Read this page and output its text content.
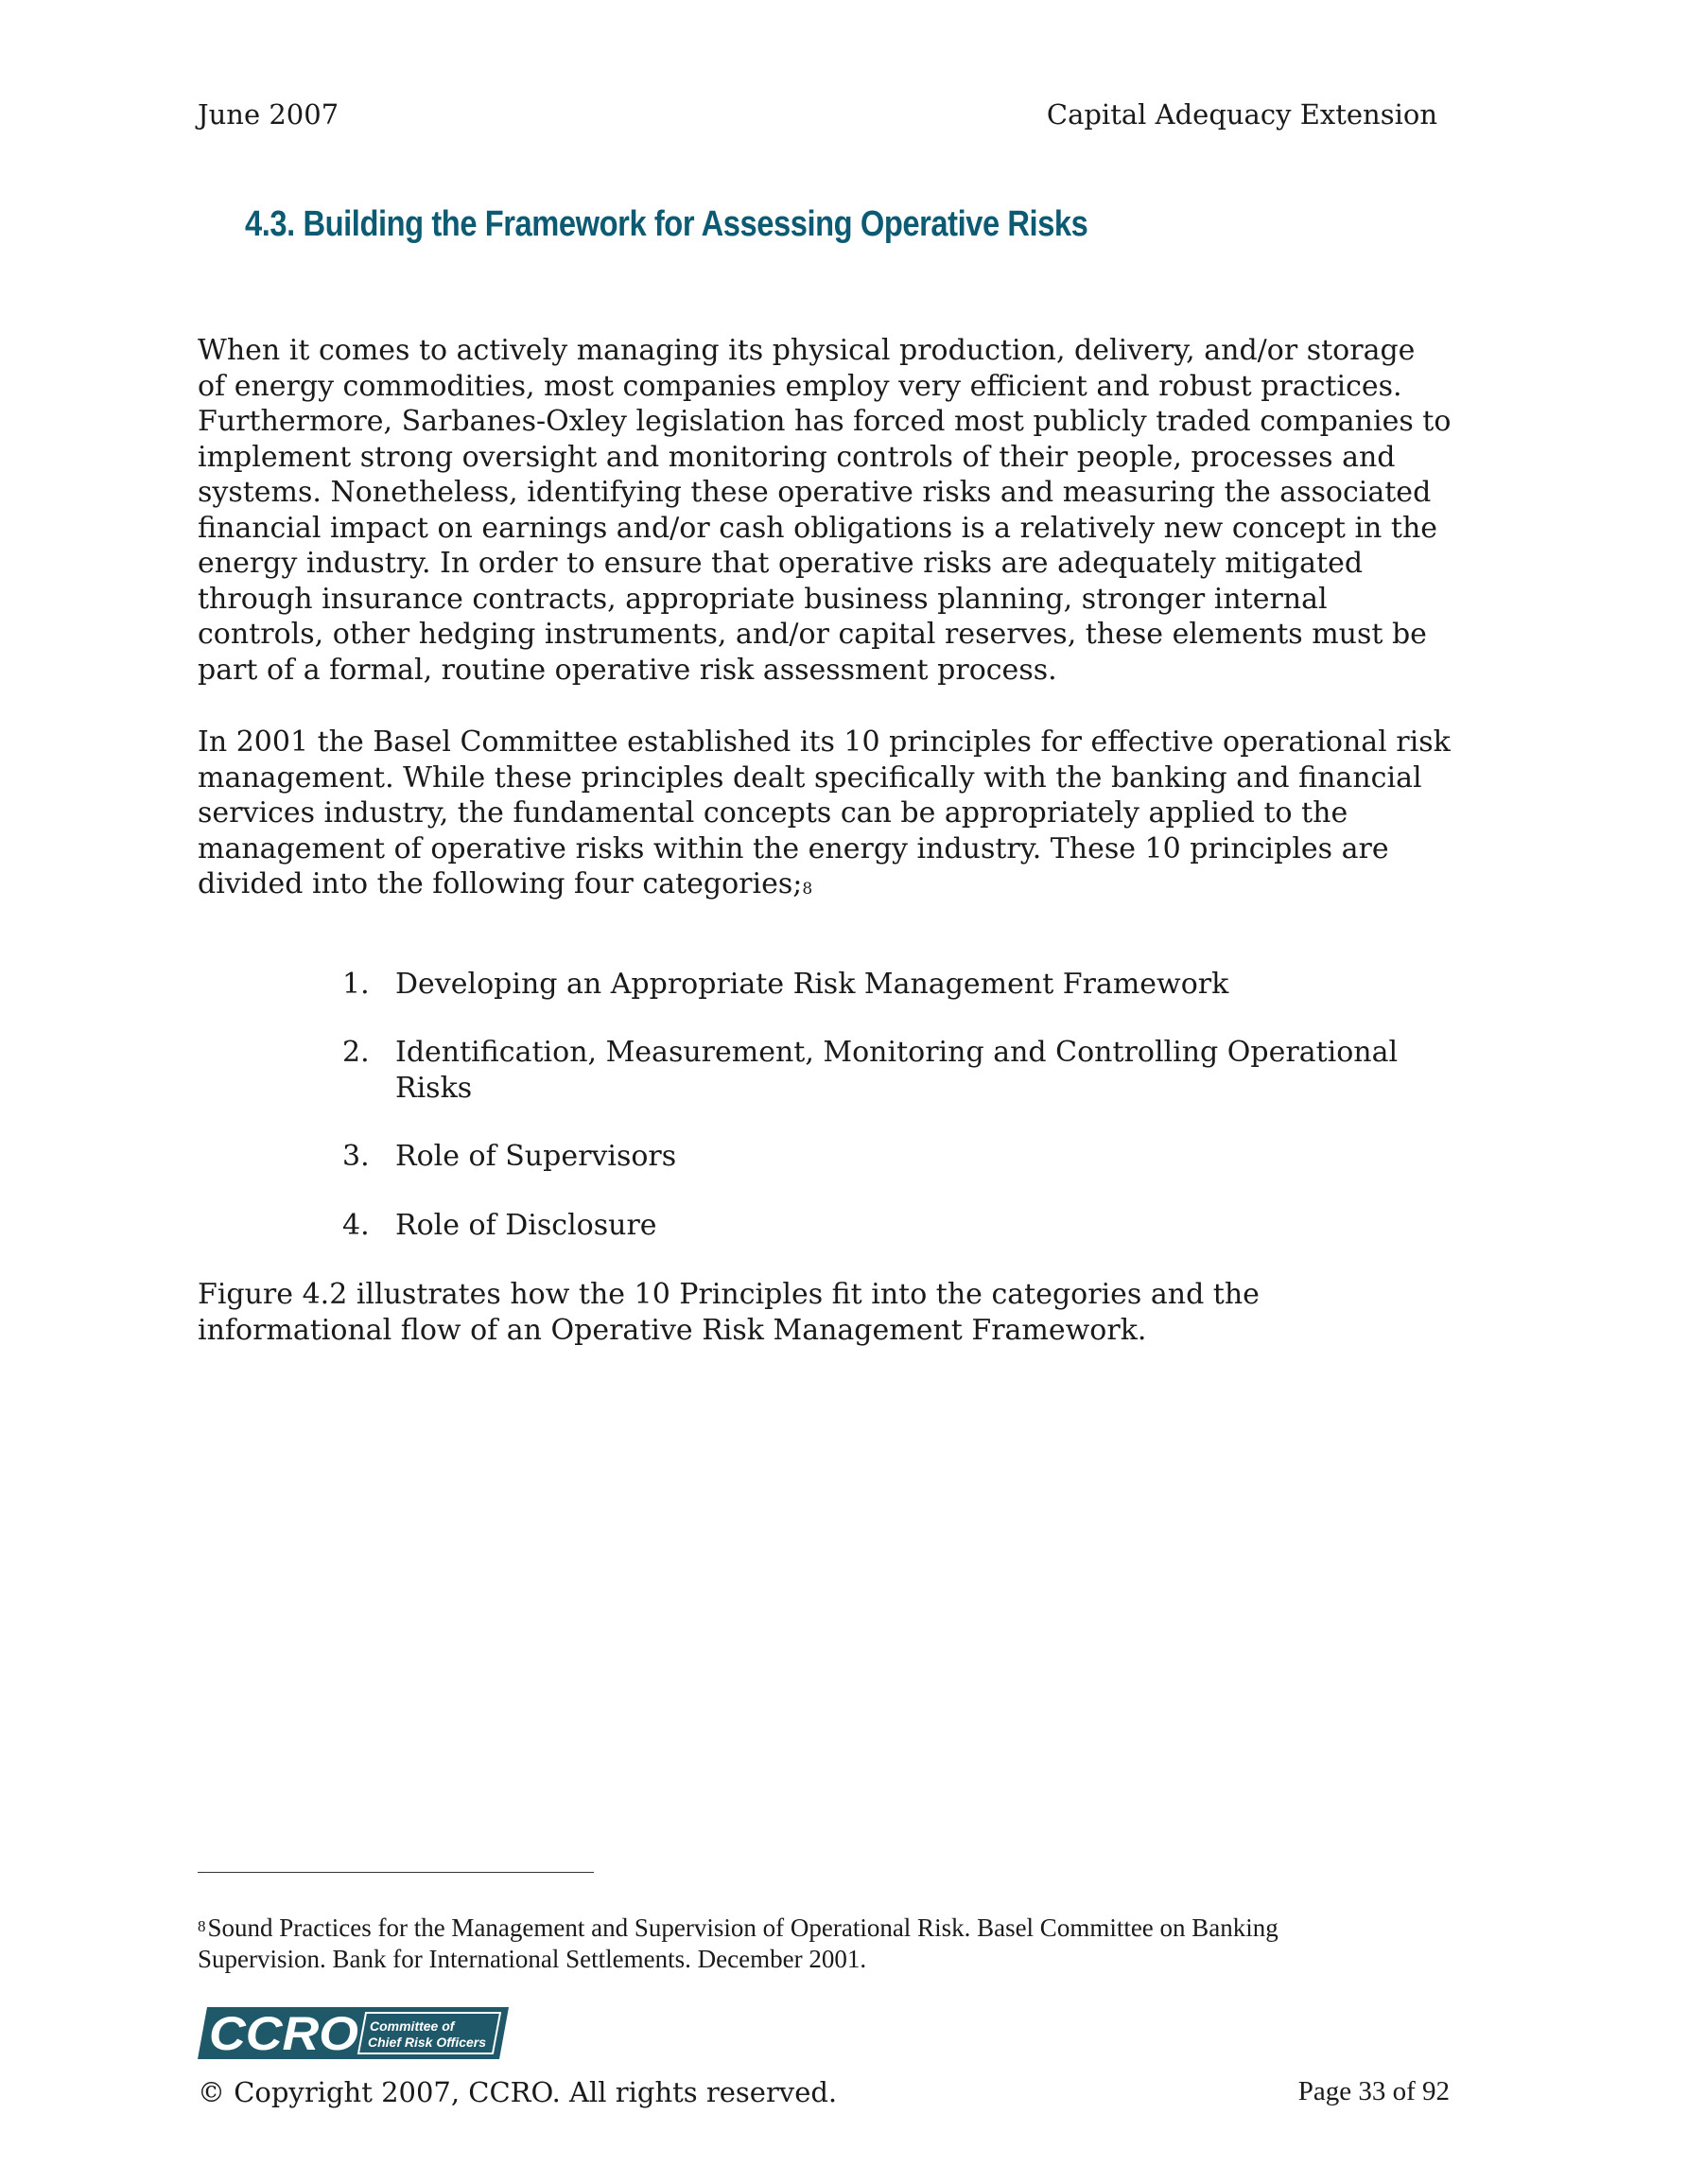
June 2007	Capital Adequacy Extension
4.3. Building the Framework for Assessing Operative Risks
When it comes to actively managing its physical production, delivery, and/or storage
of energy commodities, most companies employ very efficient and robust practices.
Furthermore, Sarbanes-Oxley legislation has forced most publicly traded companies to
implement strong oversight and monitoring controls of their people, processes and
systems. Nonetheless, identifying these operative risks and measuring the associated
financial impact on earnings and/or cash obligations is a relatively new concept in the
energy industry. In order to ensure that operative risks are adequately mitigated
through insurance contracts, appropriate business planning, stronger internal
controls, other hedging instruments, and/or capital reserves, these elements must be
part of a formal, routine operative risk assessment process.
In 2001 the Basel Committee established its 10 principles for effective operational risk
management. While these principles dealt specifically with the banking and financial
services industry, the fundamental concepts can be appropriately applied to the
management of operative risks within the energy industry. These 10 principles are
divided into the following four categories;$^8$
1. Developing an Appropriate Risk Management Framework
2. Identification, Measurement, Monitoring and Controlling Operational
Risks
3. Role of Supervisors
4. Role of Disclosure
Figure 4.2 illustrates how the 10 Principles fit into the categories and the
informational flow of an Operative Risk Management Framework.
$^8$Sound Practices for the Management and Supervision of Operational Risk. Basel Committee on Banking
Supervision. Bank for International Settlements. December 2001.
CCRO Committee of
Chief Risk Officers
© Copyright 2007, CCRO. All rights reserved.	Page 33 of 92
